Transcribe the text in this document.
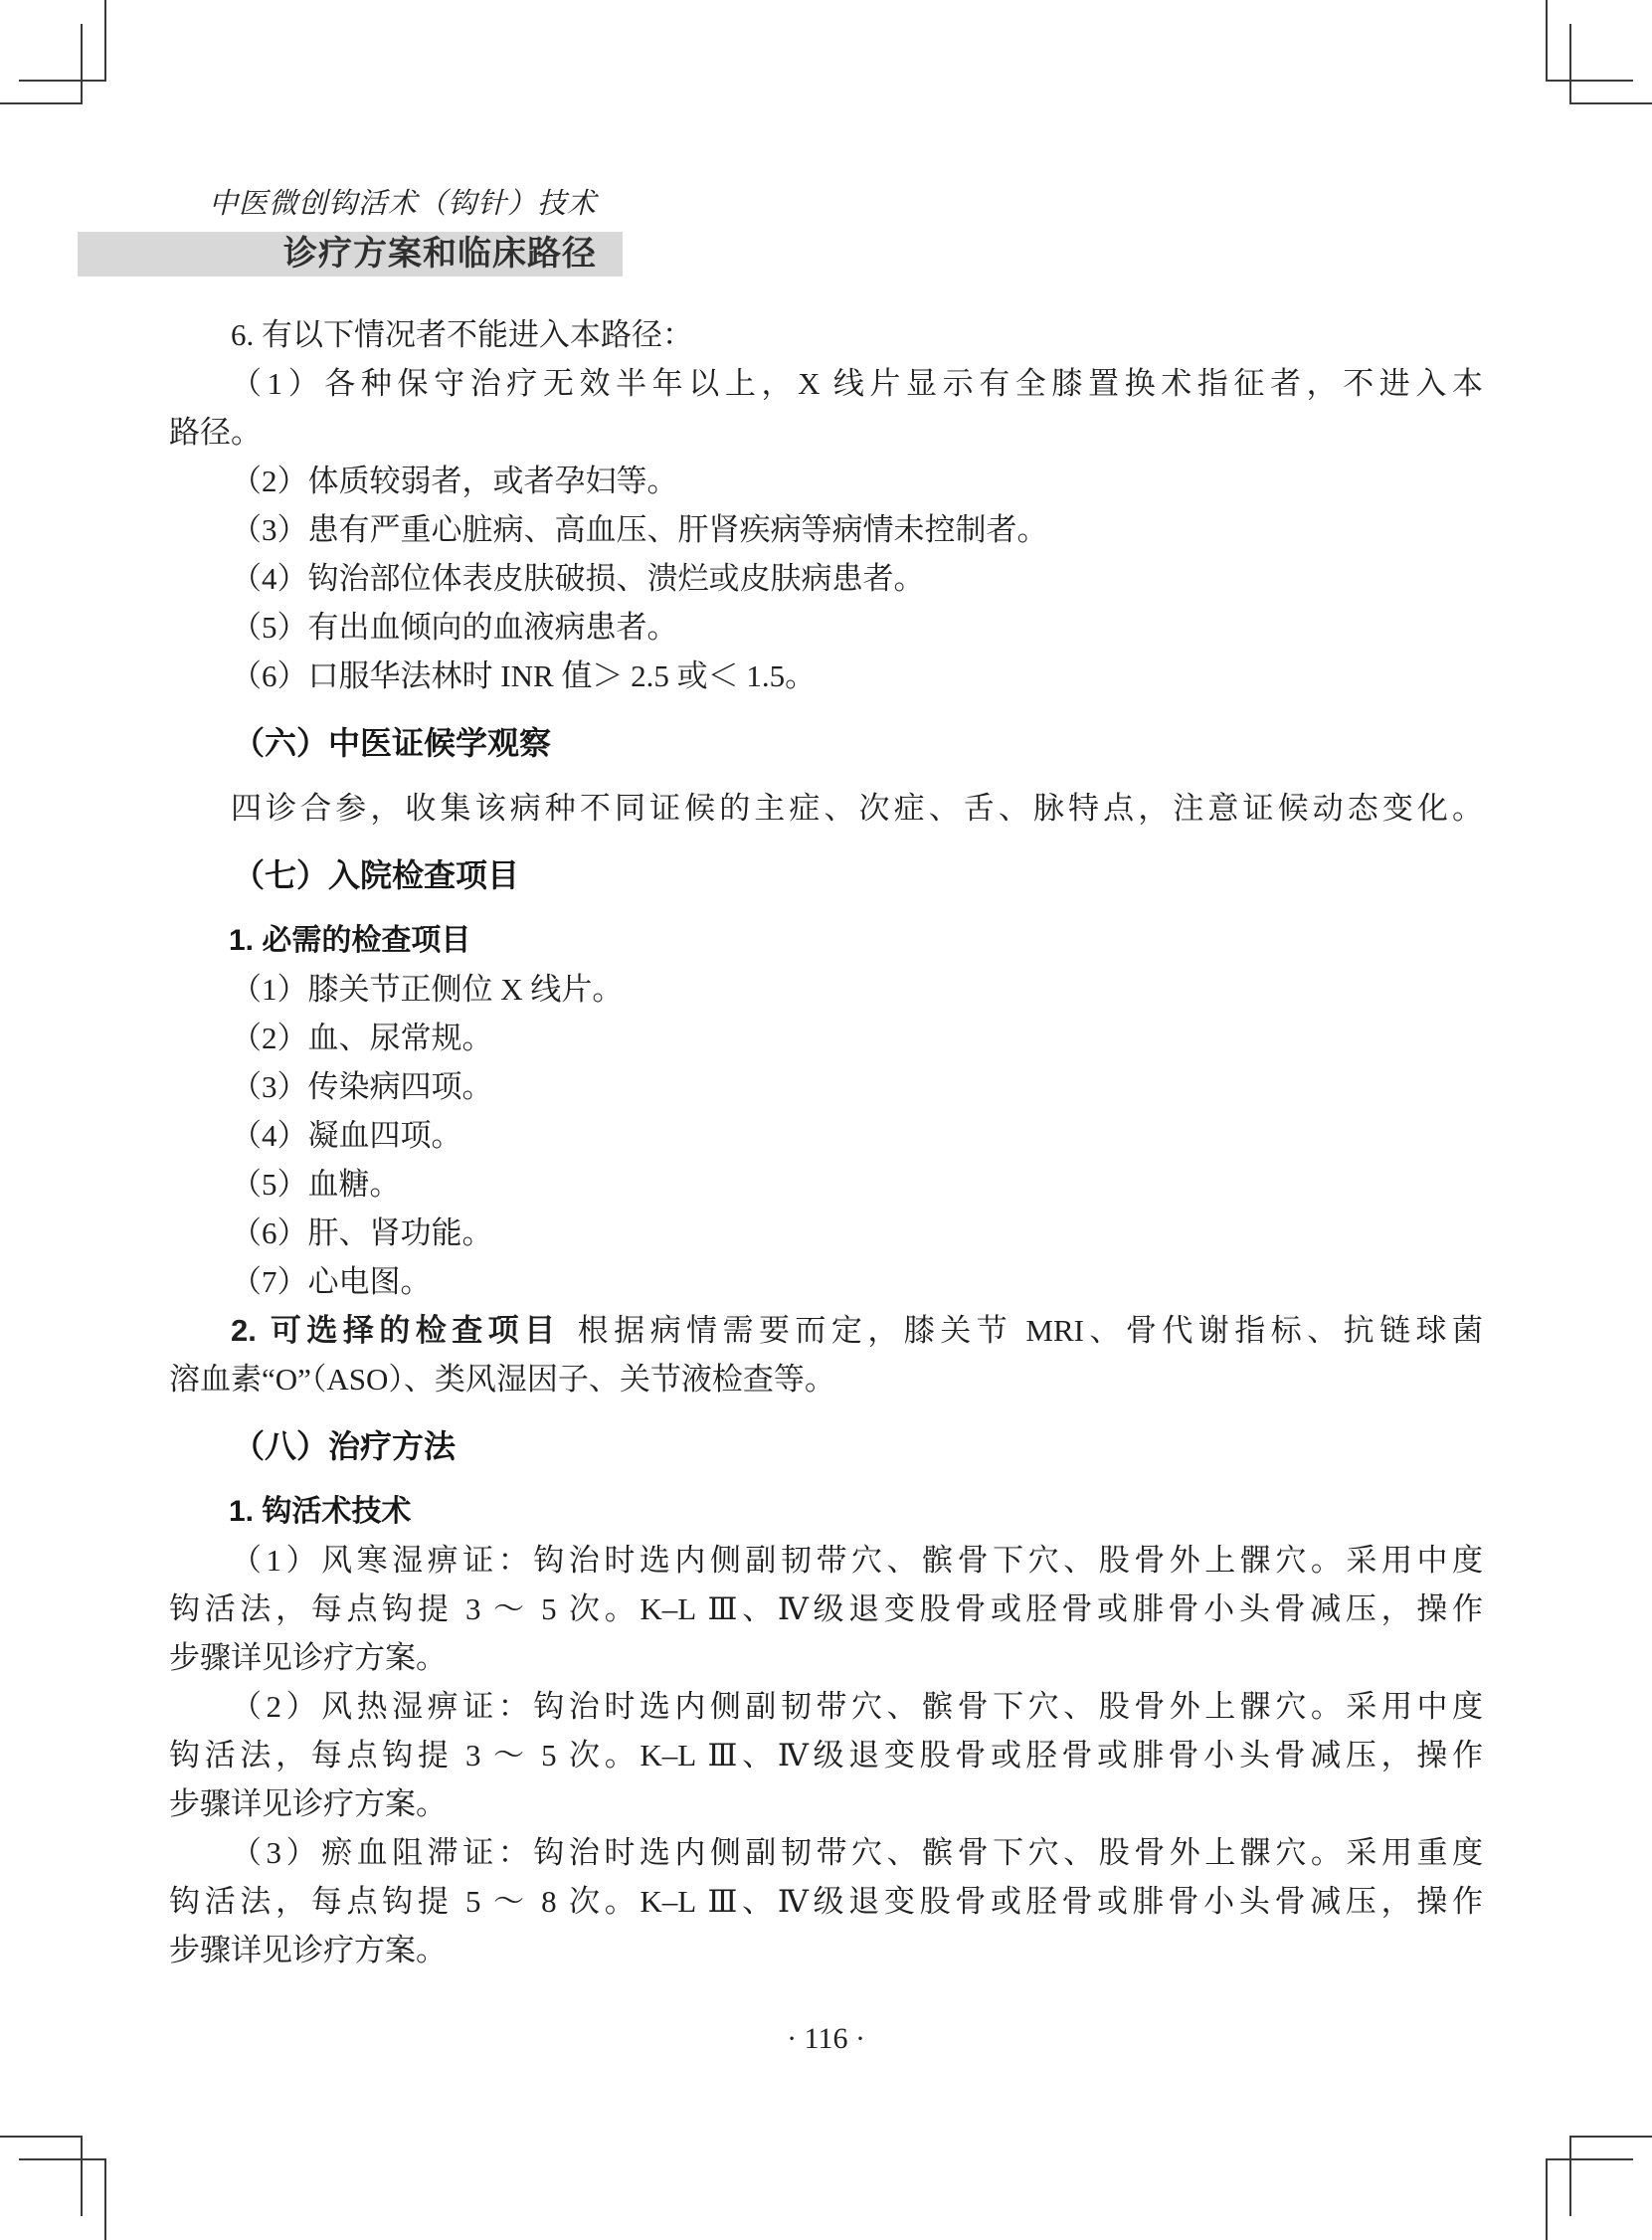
中医微创钩活术（钩针）技术
诊疗方案和临床路径
6. 有以下情况者不能进入本路径：
（1）各种保守治疗无效半年以上，X 线片显示有全膝置换术指征者，不进入本
路径。
（2）体质较弱者，或者孕妇等。
（3）患有严重心脏病、高血压、肝肾疾病等病情未控制者。
（4）钩治部位体表皮肤破损、溃烂或皮肤病患者。
（5）有出血倾向的血液病患者。
（6）口服华法林时 INR 值＞ 2.5 或＜ 1.5。
（六）中医证候学观察
四诊合参，收集该病种不同证候的主症、次症、舌、脉特点，注意证候动态变化。
（七）入院检查项目
1. 必需的检查项目
（1）膝关节正侧位 X 线片。
（2）血、尿常规。
（3）传染病四项。
（4）凝血四项。
（5）血糖。
（6）肝、肾功能。
（7）心电图。
2. 可选择的检查项目 根据病情需要而定，膝关节 MRI、骨代谢指标、抗链球菌
溶血素“O”（ASO）、类风湿因子、关节液检查等。
（八）治疗方法
1. 钩活术技术
（1）风寒湿痹证：钩治时选内侧副韧带穴、髌骨下穴、股骨外上髁穴。采用中度
钩活法，每点钩提 3 ～ 5 次。K–L Ⅲ、Ⅳ级退变股骨或胫骨或腓骨小头骨减压，操作
步骤详见诊疗方案。
（2）风热湿痹证：钩治时选内侧副韧带穴、髌骨下穴、股骨外上髁穴。采用中度
钩活法，每点钩提 3 ～ 5 次。K–L Ⅲ、Ⅳ级退变股骨或胫骨或腓骨小头骨减压，操作
步骤详见诊疗方案。
（3）瘀血阻滞证：钩治时选内侧副韧带穴、髌骨下穴、股骨外上髁穴。采用重度
钩活法，每点钩提 5 ～ 8 次。K–L Ⅲ、Ⅳ级退变股骨或胫骨或腓骨小头骨减压，操作
步骤详见诊疗方案。
· 116 ·
